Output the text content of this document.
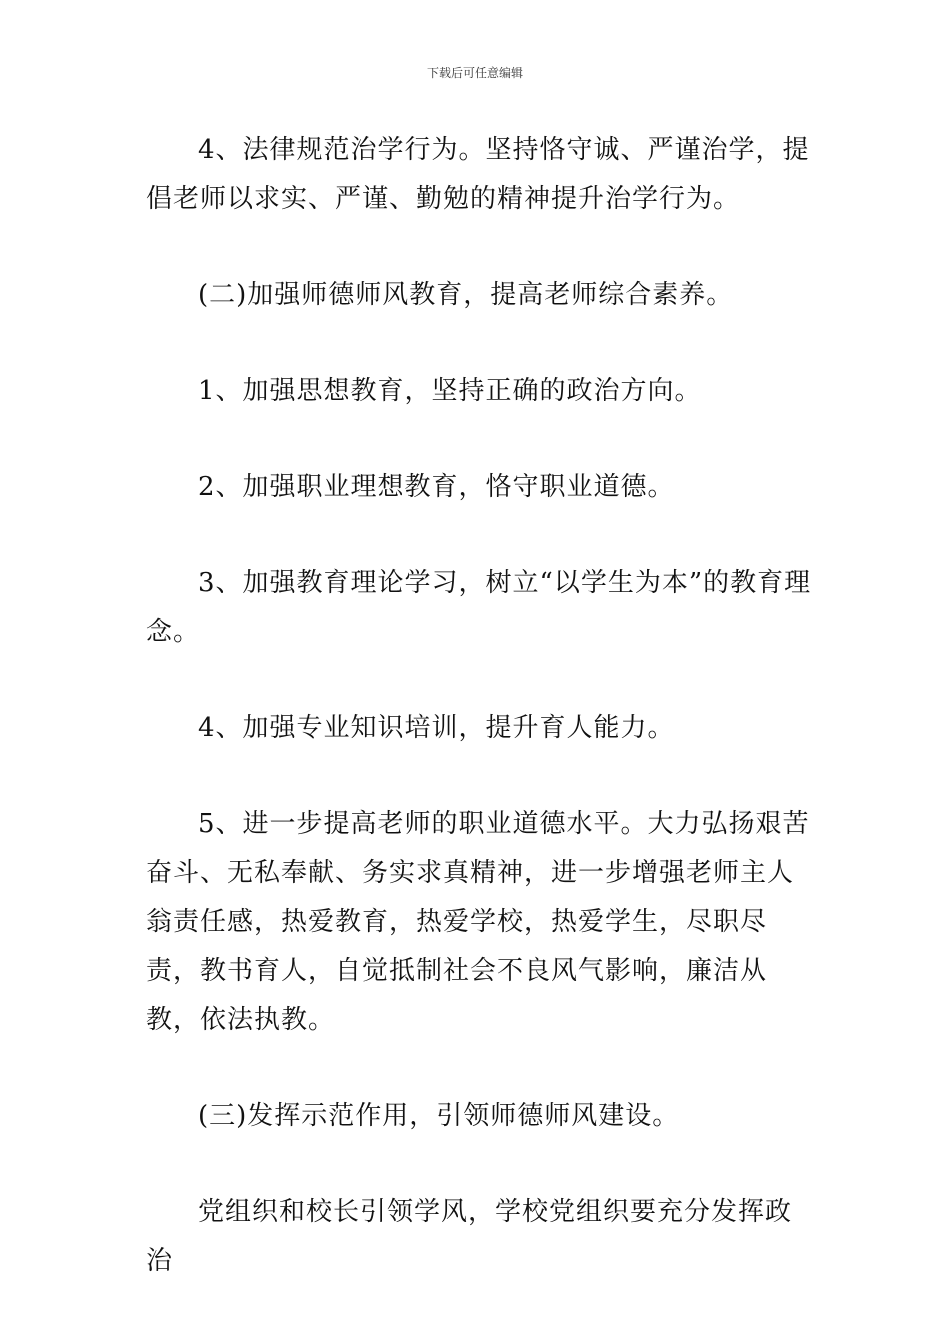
下载后可任意编辑

4、法律规范治学行为。坚持恪守诚、严谨治学，提倡老师以求实、严谨、勤勉的精神提升治学行为。

(二)加强师德师风教育，提高老师综合素养。

1、加强思想教育，坚持正确的政治方向。

2、加强职业理想教育，恪守职业道德。

3、加强教育理论学习，树立“以学生为本”的教育理念。

4、加强专业知识培训，提升育人能力。

5、进一步提高老师的职业道德水平。大力弘扬艰苦奋斗、无私奉献、务实求真精神，进一步增强老师主人翁责任感，热爱教育，热爱学校，热爱学生，尽职尽责，教书育人，自觉抵制社会不良风气影响，廉洁从教，依法执教。

(三)发挥示范作用，引领师德师风建设。

党组织和校长引领学风，学校党组织要充分发挥政治
